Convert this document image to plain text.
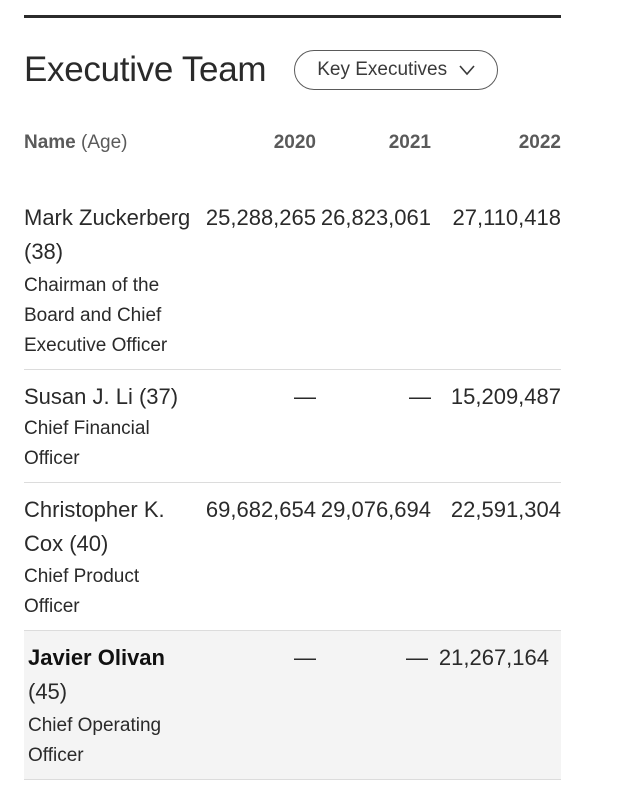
Executive Team	Key Executives
Name (Age)	2020	2021	2022
Mark Zuckerberg
(38)
Chairman of the
Board and Chief
Executive Officer
25,288,265 26,823,061 27,110,418
Susan J. Li (37)
Chief Financial
Officer
—	— 15,209,487
Christopher K.
Cox (40)
Chief Product
Officer
69,682,654 29,076,694 22,591,304
Javier Olivan
(45)
Chief Operating
Officer
—	— 21,267,164
